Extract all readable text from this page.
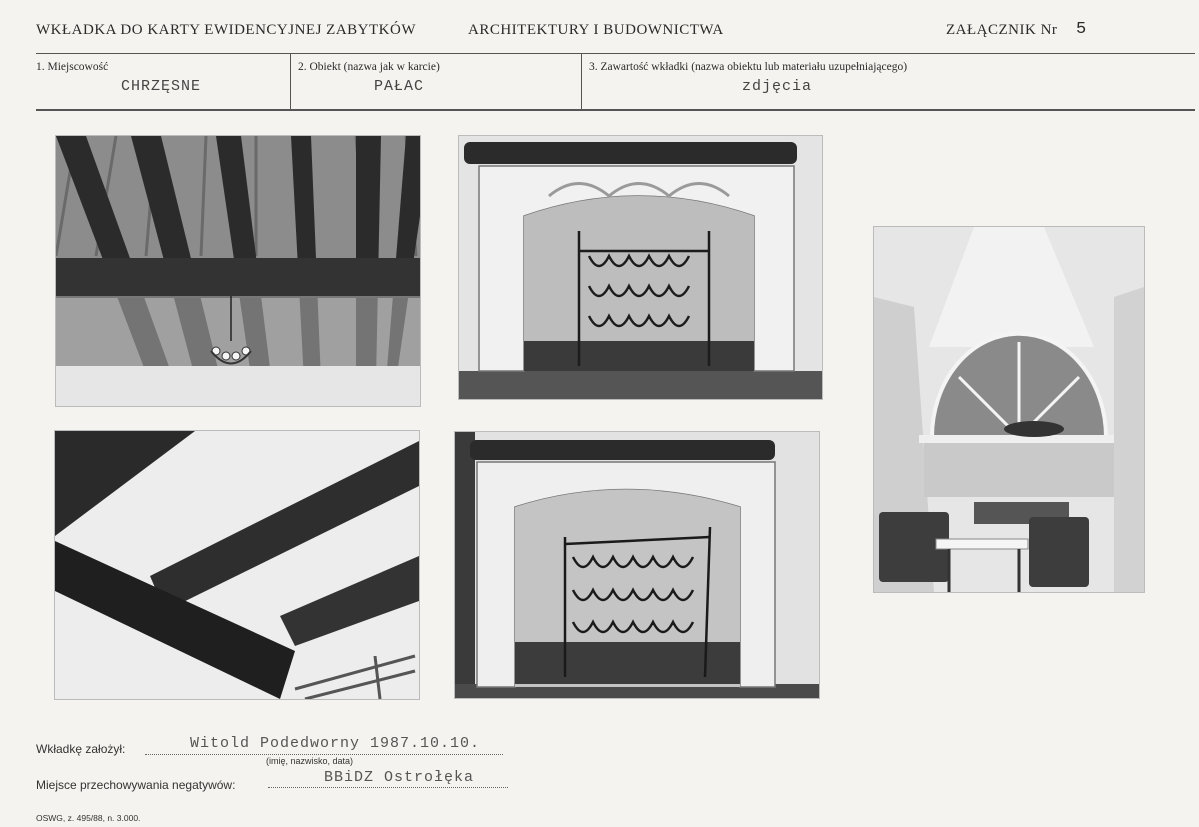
WKŁADKA DO KARTY EWIDENCYJNEJ ZABYTKÓW	ARCHITEKTURY I BUDOWNICTWA	ZAŁĄCZNIK Nr 5
1. Miejscowość
CHRZĘSNE
2. Obiekt (nazwa jak w karcie)
PAŁAC
3. Zawartość wkładki (nazwa obiektu lub materiału uzupełniającego)
zdjęcia
Wkładkę założył:	Witold Podedworny 1987.10.10.
(imię, nazwisko, data)
Miejsce przechowywania negatywów:	BBiDZ Ostrołęka
OSWG, z. 495/88, n. 3.000.
